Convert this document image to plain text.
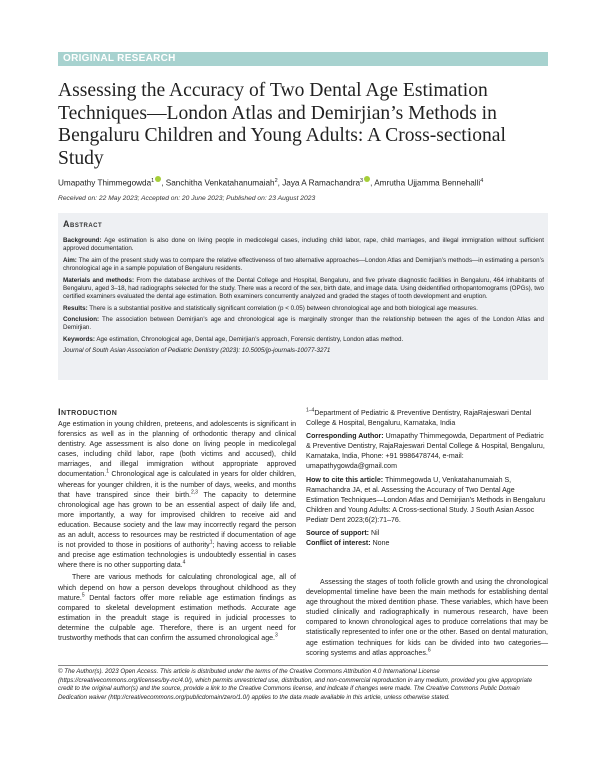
ORIGINAL RESEARCH
Assessing the Accuracy of Two Dental Age Estimation Techniques—London Atlas and Demirjian’s Methods in Bengaluru Children and Young Adults: A Cross-sectional Study
Umapathy Thimmegowda$^1$ , Sanchitha Venkatahanumaiah$^2$, Jaya A Ramachandra$^3$ , Amrutha Ujjamma Bennehalli$^4$
Received on: 22 May 2023; Accepted on: 20 June 2023; Published on: 23 August 2023
Abstract

Background: Age estimation is also done on living people in medicolegal cases, including child labor, rape, child marriages, and illegal immigration without sufficient approved documentation.

Aim: The aim of the present study was to compare the relative effectiveness of two alternative approaches—London Atlas and Demirjian’s methods—in estimating a person’s chronological age in a sample population of Bengaluru residents.

Materials and methods: From the database archives of the Dental College and Hospital, Bengaluru, and five private diagnostic facilities in Bengaluru, 464 inhabitants of Bengaluru, aged 3–18, had radiographs selected for the study. There was a record of the sex, birth date, and image data. Using deidentified orthopantomograms (OPGs), two certified examiners evaluated the dental age estimation. Both examiners concurrently analyzed and graded the stages of tooth development and eruption.

Results: There is a substantial positive and statistically significant correlation (p < 0.05) between chronological age and both biological age measures.

Conclusion: The association between Demirjian’s age and chronological age is marginally stronger than the relationship between the ages of the London Atlas and Demirjian.

Keywords: Age estimation, Chronological age, Dental age, Demirjian’s approach, Forensic dentistry, London atlas method.

Journal of South Asian Association of Pediatric Dentistry (2023): 10.5005/jp-journals-10077-3271

Introduction

Age estimation in young children, preteens, and adolescents is significant in forensics as well as in the planning of orthodontic therapy and clinical dentistry. Age assessment is also done on living people in medicolegal cases, including child labor, rape (both victims and accused), child marriages, and illegal immigration without appropriate approved documentation.$^1$ Chronological age is calculated in years for older children, whereas for younger children, it is the number of days, weeks, and months that have transpired since their birth.$^{2,3}$ The capacity to determine chronological age has grown to be an essential aspect of daily life and, more importantly, a way for improvised children to receive aid and education. Because society and the law may incorrectly regard the person as an adult, access to resources may be restricted if documentation of age is not provided to those in positions of authority$^1$; having access to reliable and precise age estimation technologies is undoubtedly essential in cases where there is no other supporting data.$^4$

There are various methods for calculating chronological age, all of which depend on how a person develops throughout childhood as they mature.$^5$ Dental factors offer more reliable age estimation findings as compared to skeletal development estimation methods. Accurate age estimation in the preadult stage is required in judicial processes to determine the culpable age. Therefore, there is an urgent need for trustworthy methods that can confirm the assumed chronological age.$^3$

$^{1-4}$Department of Pediatric & Preventive Dentistry, RajaRajeswari Dental College & Hospital, Bengaluru, Karnataka, India

Corresponding Author: Umapathy Thimmegowda, Department of Pediatric & Preventive Dentistry, RajaRajeswari Dental College & Hospital, Bengaluru, Karnataka, India, Phone: +91 9986478744, e-mail: umapathygowda@gmail.com

How to cite this article: Thimmegowda U, Venkatahanumaiah S, Ramachandra JA, et al. Assessing the Accuracy of Two Dental Age Estimation Techniques—London Atlas and Demirjian’s Methods in Bengaluru Children and Young Adults: A Cross-sectional Study. J South Asian Assoc Pediatr Dent 2023;6(2):71–76.

Source of support: Nil

Conflict of interest: None

Assessing the stages of tooth follicle growth and using the chronological developmental timeline have been the main methods for establishing dental age throughout the mixed dentition phase. These variables, which have been studied clinically and radiographically in numerous research, have been compared to known chronological ages to produce correlations that may be statistically represented to infer one or the other. Based on dental maturation, age estimation techniques for kids can be divided into two categories—scoring systems and atlas approaches.$^6$

© The Author(s). 2023 Open Access. This article is distributed under the terms of the Creative Commons Attribution 4.0 International License (https://creativecommons.org/licenses/by-nc/4.0/), which permits unrestricted use, distribution, and non-commercial reproduction in any medium, provided you give appropriate credit to the original author(s) and the source, provide a link to the Creative Commons license, and indicate if changes were made. The Creative Commons Public Domain Dedication waiver (http://creativecommons.org/publicdomain/zero/1.0/) applies to the data made available in this article, unless otherwise stated.
